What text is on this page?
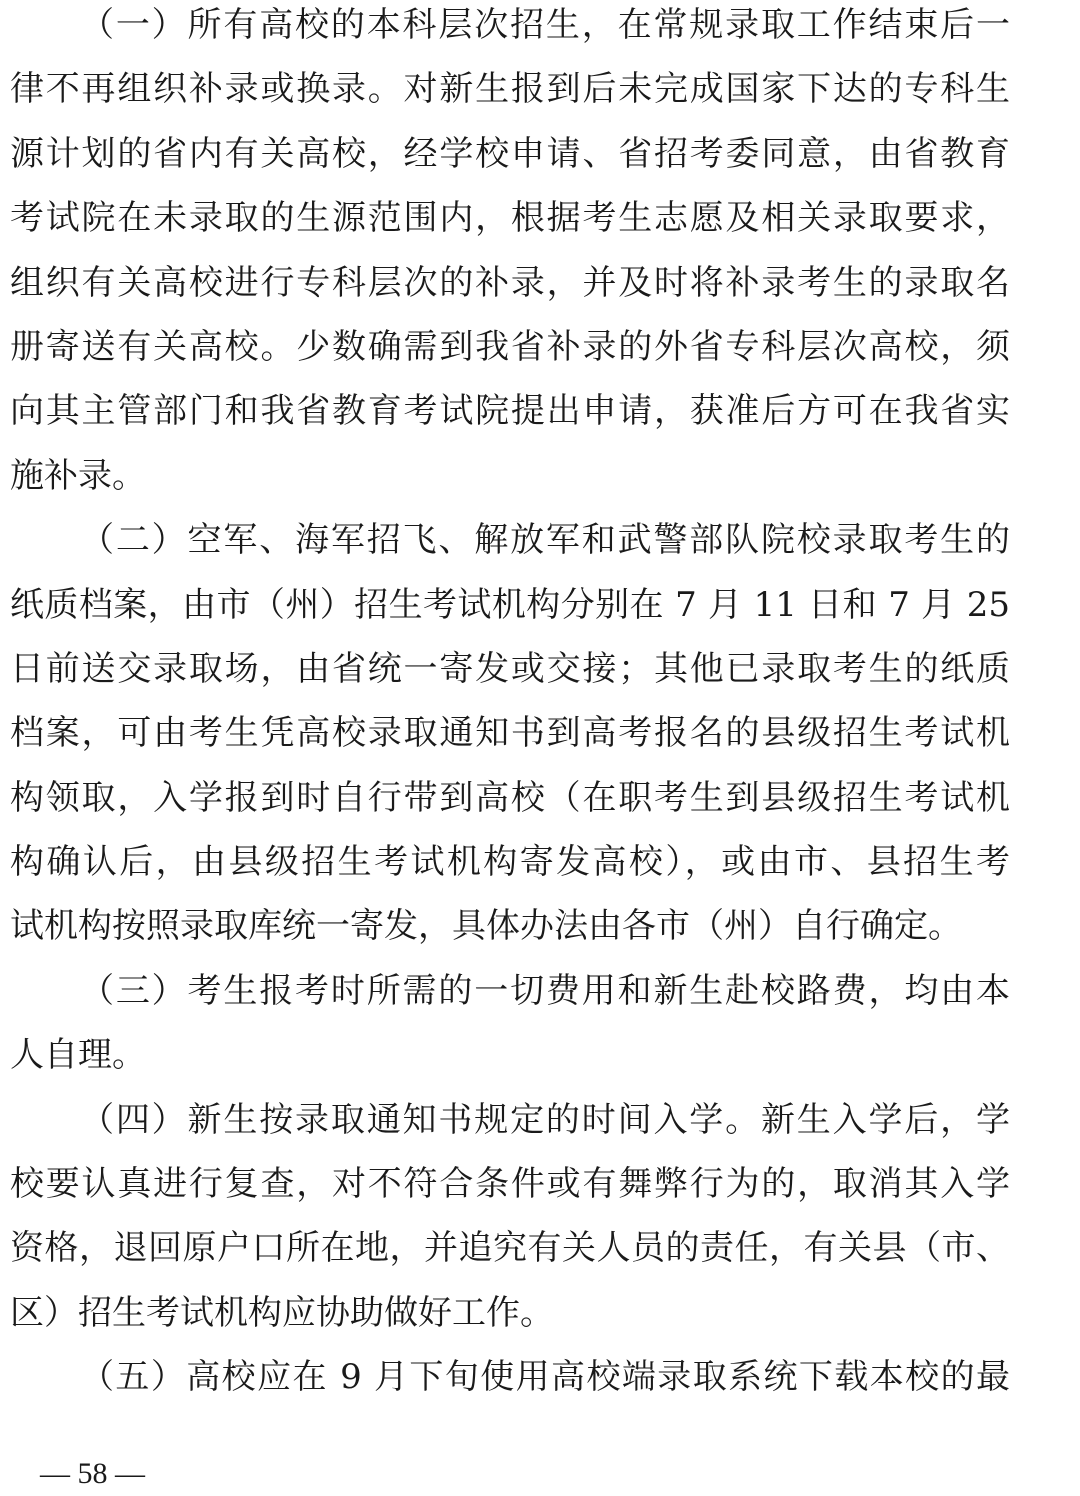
（一）所有高校的本科层次招生，在常规录取工作结束后一
律不再组织补录或换录。对新生报到后未完成国家下达的专科生
源计划的省内有关高校，经学校申请、省招考委同意，由省教育
考试院在未录取的生源范围内，根据考生志愿及相关录取要求，
组织有关高校进行专科层次的补录，并及时将补录考生的录取名
册寄送有关高校。少数确需到我省补录的外省专科层次高校，须
向其主管部门和我省教育考试院提出申请，获准后方可在我省实
施补录。
（二）空军、海军招飞、解放军和武警部队院校录取考生的
纸质档案，由市（州）招生考试机构分别在 7 月 11 日和 7 月 25
日前送交录取场，由省统一寄发或交接；其他已录取考生的纸质
档案，可由考生凭高校录取通知书到高考报名的县级招生考试机
构领取，入学报到时自行带到高校（在职考生到县级招生考试机
构确认后，由县级招生考试机构寄发高校），或由市、县招生考
试机构按照录取库统一寄发，具体办法由各市（州）自行确定。
（三）考生报考时所需的一切费用和新生赴校路费，均由本
人自理。
（四）新生按录取通知书规定的时间入学。新生入学后，学
校要认真进行复查，对不符合条件或有舞弊行为的，取消其入学
资格，退回原户口所在地，并追究有关人员的责任，有关县（市、
区）招生考试机构应协助做好工作。
（五）高校应在 9 月下旬使用高校端录取系统下载本校的最
— 58 —
